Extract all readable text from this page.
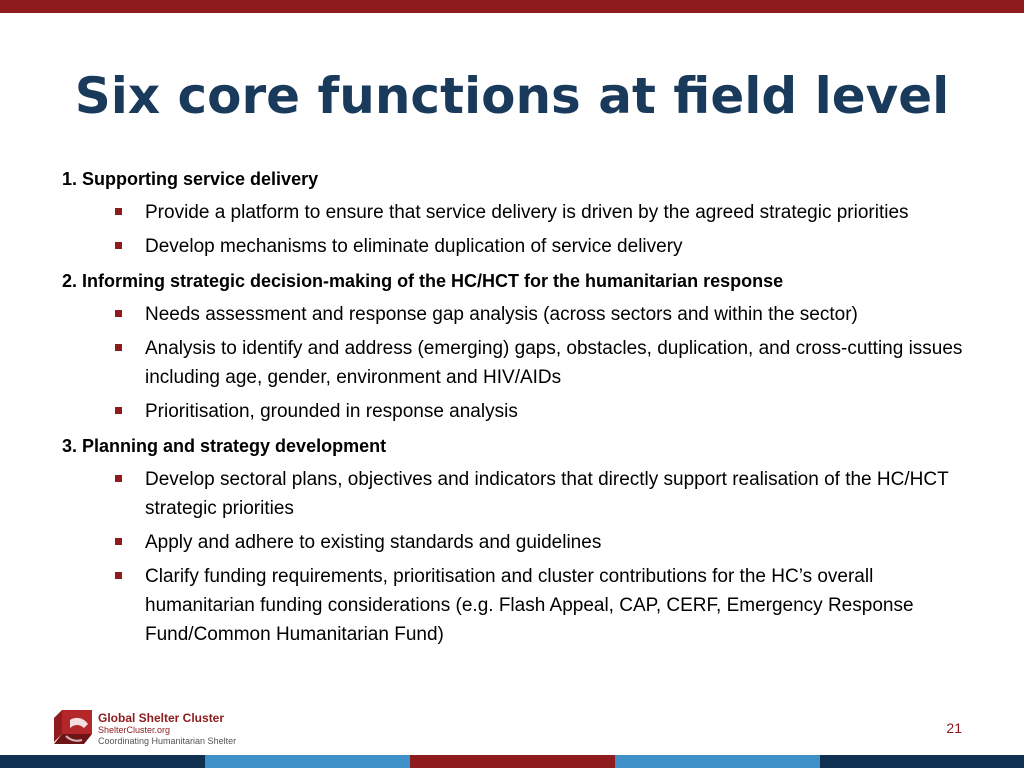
Six core functions at field level
1. Supporting service delivery
Provide a platform to ensure that service delivery is driven by the agreed strategic priorities
Develop mechanisms to eliminate duplication of service delivery
2. Informing strategic decision-making of the HC/HCT for the humanitarian response
Needs assessment and response gap analysis (across sectors and within the sector)
Analysis to identify and address (emerging) gaps, obstacles, duplication, and cross-cutting issues including age, gender, environment and HIV/AIDs
Prioritisation, grounded in response analysis
3. Planning and strategy development
Develop sectoral plans, objectives and indicators that directly support realisation of the HC/HCT strategic priorities
Apply and adhere to existing standards and guidelines
Clarify funding requirements, prioritisation and cluster contributions for the HC’s overall humanitarian funding considerations (e.g. Flash Appeal, CAP, CERF, Emergency Response Fund/Common Humanitarian Fund)
Global Shelter Cluster
ShelterCluster.org
Coordinating Humanitarian Shelter
21
